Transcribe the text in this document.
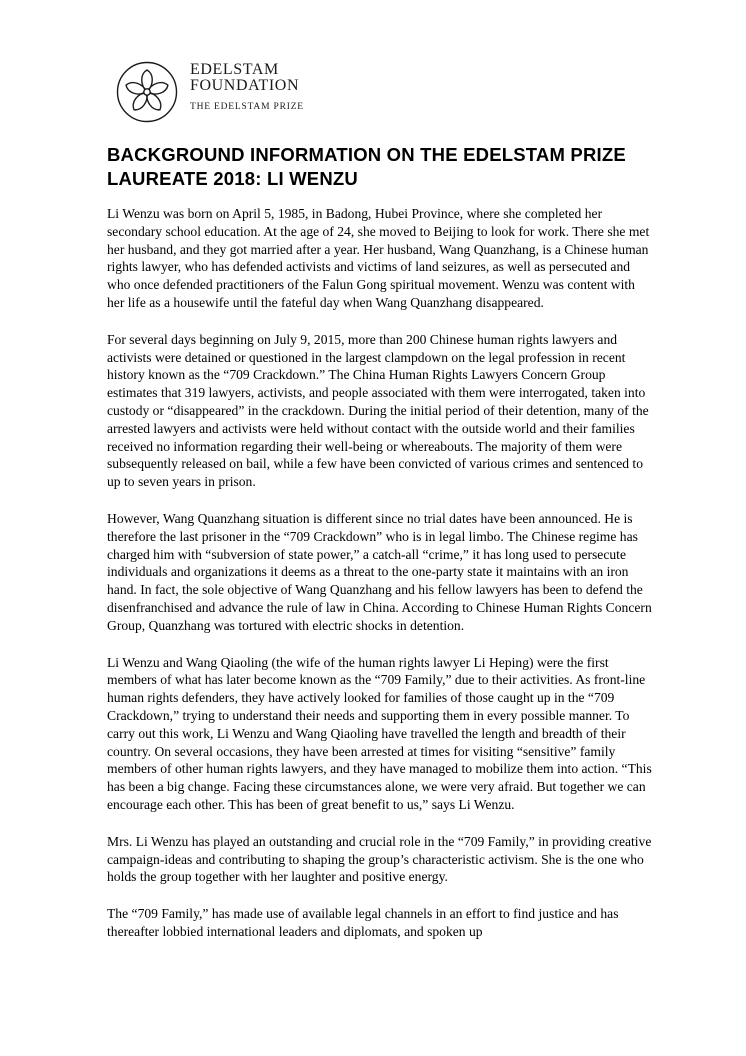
EDELSTAM
FOUNDATION
THE EDELSTAM PRIZE
BACKGROUND INFORMATION ON THE EDELSTAM PRIZE LAUREATE 2018: LI WENZU

Li Wenzu was born on April 5, 1985, in Badong, Hubei Province, where she completed her secondary school education. At the age of 24, she moved to Beijing to look for work. There she met her husband, and they got married after a year. Her husband, Wang Quanzhang, is a Chinese human rights lawyer, who has defended activists and victims of land seizures, as well as persecuted and who once defended practitioners of the Falun Gong spiritual movement. Wenzu was content with her life as a housewife until the fateful day when Wang Quanzhang disappeared.

For several days beginning on July 9, 2015, more than 200 Chinese human rights lawyers and activists were detained or questioned in the largest clampdown on the legal profession in recent history known as the “709 Crackdown.” The China Human Rights Lawyers Concern Group estimates that 319 lawyers, activists, and people associated with them were interrogated, taken into custody or “disappeared” in the crackdown. During the initial period of their detention, many of the arrested lawyers and activists were held without contact with the outside world and their families received no information regarding their well-being or whereabouts. The majority of them were subsequently released on bail, while a few have been convicted of various crimes and sentenced to up to seven years in prison.

However, Wang Quanzhang situation is different since no trial dates have been announced. He is therefore the last prisoner in the “709 Crackdown” who is in legal limbo. The Chinese regime has charged him with “subversion of state power,” a catch-all “crime,” it has long used to persecute individuals and organizations it deems as a threat to the one-party state it maintains with an iron hand. In fact, the sole objective of Wang Quanzhang and his fellow lawyers has been to defend the disenfranchised and advance the rule of law in China. According to Chinese Human Rights Concern Group, Quanzhang was tortured with electric shocks in detention.

Li Wenzu and Wang Qiaoling (the wife of the human rights lawyer Li Heping) were the first members of what has later become known as the “709 Family,” due to their activities. As front-line human rights defenders, they have actively looked for families of those caught up in the “709 Crackdown,” trying to understand their needs and supporting them in every possible manner. To carry out this work, Li Wenzu and Wang Qiaoling have travelled the length and breadth of their country. On several occasions, they have been arrested at times for visiting “sensitive” family members of other human rights lawyers, and they have managed to mobilize them into action. “This has been a big change. Facing these circumstances alone, we were very afraid. But together we can encourage each other. This has been of great benefit to us,” says Li Wenzu.

Mrs. Li Wenzu has played an outstanding and crucial role in the “709 Family,” in providing creative campaign-ideas and contributing to shaping the group’s characteristic activism. She is the one who holds the group together with her laughter and positive energy.

The “709 Family,” has made use of available legal channels in an effort to find justice and has thereafter lobbied international leaders and diplomats, and spoken up
